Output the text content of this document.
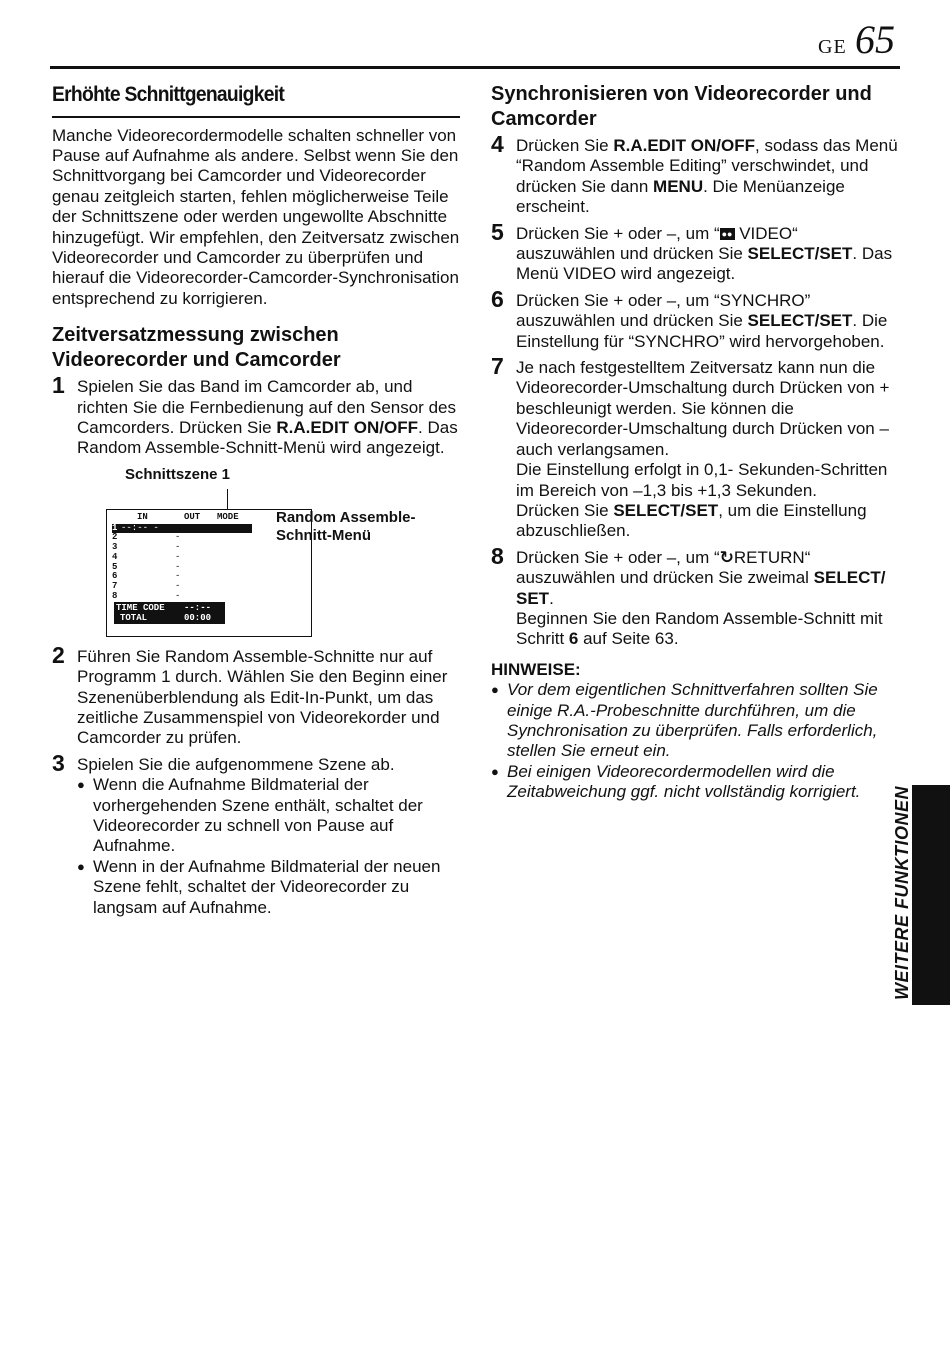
GE 65
Erhöhte Schnittgenauigkeit

Manche Videorecordermodelle schalten schneller von Pause auf Aufnahme als andere. Selbst wenn Sie den Schnittvorgang bei Camcorder und Videorecorder genau zeitgleich starten, fehlen möglicherweise Teile der Schnittszene oder werden ungewollte Abschnitte hinzugefügt. Wir empfehlen, den Zeitversatz zwischen Videorecorder und Camcorder zu überprüfen und hierauf die Videorecorder-Camcorder-Synchronisation entsprechend zu korrigieren.

Zeitversatzmessung zwischen Videorecorder und Camcorder
1 Spielen Sie das Band im Camcorder ab, und richten Sie die Fernbedienung auf den Sensor des Camcorders. Drücken Sie R.A.EDIT ON/OFF. Das Random Assemble-Schnitt-Menü wird angezeigt.
Schnittszene 1
IN	OUT MODE
1 --:-- -
2	-
3	-
4	-
5	-
6	-
7	-
8	-
TIME CODE --:--
TOTAL	00:00
Random Assemble-Schnitt-Menü
2 Führen Sie Random Assemble-Schnitte nur auf Programm 1 durch. Wählen Sie den Beginn einer Szenenüberblendung als Edit-In-Punkt, um das zeitliche Zusammenspiel von Videorekorder und Camcorder zu prüfen.
3 Spielen Sie die aufgenommene Szene ab.
● Wenn die Aufnahme Bildmaterial der vorhergehenden Szene enthält, schaltet der Videorecorder zu schnell von Pause auf Aufnahme.
● Wenn in der Aufnahme Bildmaterial der neuen Szene fehlt, schaltet der Videorecorder zu langsam auf Aufnahme.
Synchronisieren von Videorecorder und Camcorder
4 Drücken Sie R.A.EDIT ON/OFF, sodass das Menü “Random Assemble Editing” verschwindet, und drücken Sie dann MENU. Die Menüanzeige erscheint.
5 Drücken Sie + oder –, um “ ●● VIDEO“ auszuwählen und drücken Sie SELECT/SET. Das Menü VIDEO wird angezeigt.
6 Drücken Sie + oder –, um “SYNCHRO” auszuwählen und drücken Sie SELECT/SET. Die Einstellung für “SYNCHRO” wird hervorgehoben.
7 Je nach festgestelltem Zeitversatz kann nun die Videorecorder-Umschaltung durch Drücken von + beschleunigt werden. Sie können die Videorecorder-Umschaltung durch Drücken von – auch verlangsamen.
Die Einstellung erfolgt in 0,1- Sekunden-Schritten im Bereich von –1,3 bis +1,3 Sekunden.
Drücken Sie SELECT/SET, um die Einstellung abzuschließen.
8 Drücken Sie + oder –, um “↻RETURN“ auszuwählen und drücken Sie zweimal SELECT/ SET.
Beginnen Sie den Random Assemble-Schnitt mit Schritt 6 auf Seite 63.
HINWEISE:
● Vor dem eigentlichen Schnittverfahren sollten Sie einige R.A.-Probeschnitte durchführen, um die Synchronisation zu überprüfen. Falls erforderlich, stellen Sie erneut ein.
● Bei einigen Videorecordermodellen wird die Zeitabweichung ggf. nicht vollständig korrigiert.	WEITERE FUNKTIONEN
